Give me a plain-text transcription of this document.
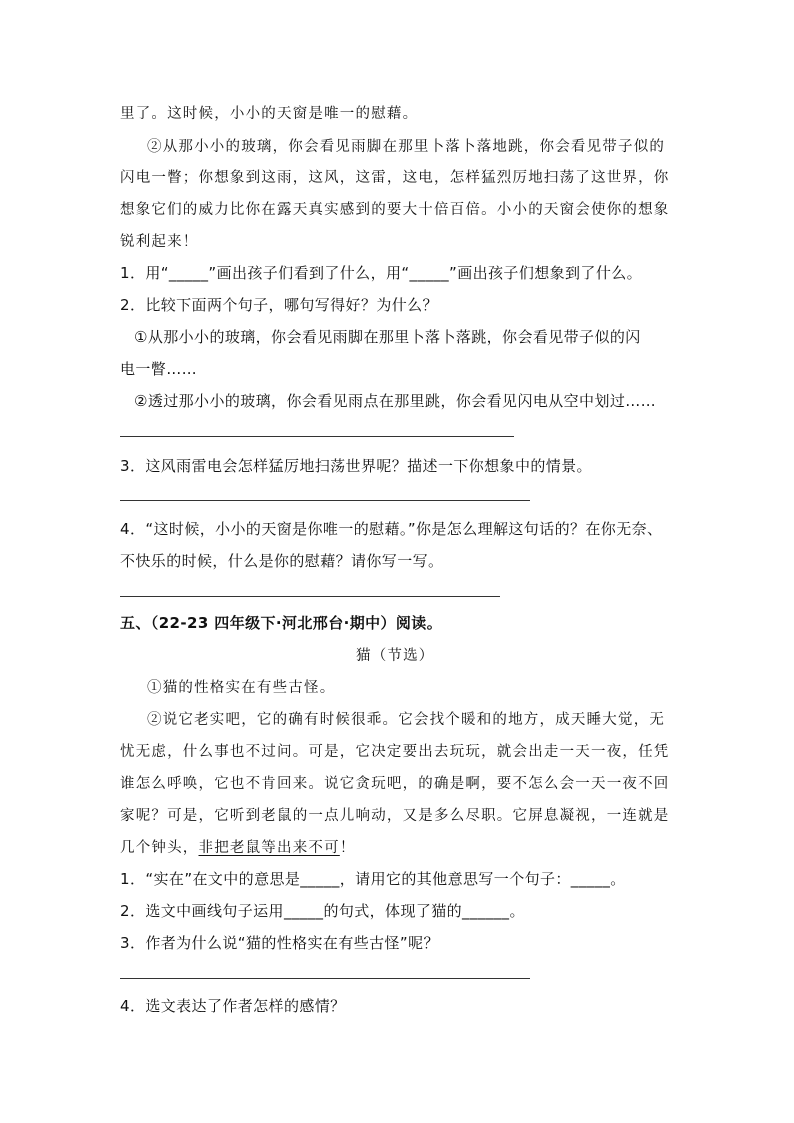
里了。这时候，小小的天窗是唯一的慰藉。
②从那小小的玻璃，你会看见雨脚在那里卜落卜落地跳，你会看见带子似的
闪电一瞥；你想象到这雨，这风，这雷，这电，怎样猛烈厉地扫荡了这世界，你
想象它们的威力比你在露天真实感到的要大十倍百倍。小小的天窗会使你的想象
锐利起来！
1．用“_____”画出孩子们看到了什么，用“_____”画出孩子们想象到了什么。
2．比较下面两个句子，哪句写得好？为什么？
①从那小小的玻璃，你会看见雨脚在那里卜落卜落跳，你会看见带子似的闪
电一瞥……
②透过那小小的玻璃，你会看见雨点在那里跳，你会看见闪电从空中划过……
3．这风雨雷电会怎样猛厉地扫荡世界呢？描述一下你想象中的情景。
4．“这时候，小小的天窗是你唯一的慰藉。”你是怎么理解这句话的？在你无奈、
不快乐的时候，什么是你的慰藉？请你写一写。
五、（22-23 四年级下·河北邢台·期中）阅读。
猫（节选）
①猫的性格实在有些古怪。
②说它老实吧，它的确有时候很乖。它会找个暖和的地方，成天睡大觉，无
忧无虑，什么事也不过问。可是，它决定要出去玩玩，就会出走一天一夜，任凭
谁怎么呼唤，它也不肯回来。说它贪玩吧，的确是啊，要不怎么会一天一夜不回
家呢？可是，它听到老鼠的一点儿响动，又是多么尽职。它屏息凝视，一连就是
几个钟头，非把老鼠等出来不可！
1．“实在”在文中的意思是_____，请用它的其他意思写一个句子：_____。
2．选文中画线句子运用_____的句式，体现了猫的______。
3．作者为什么说“猫的性格实在有些古怪”呢？
4．选文表达了作者怎样的感情？
